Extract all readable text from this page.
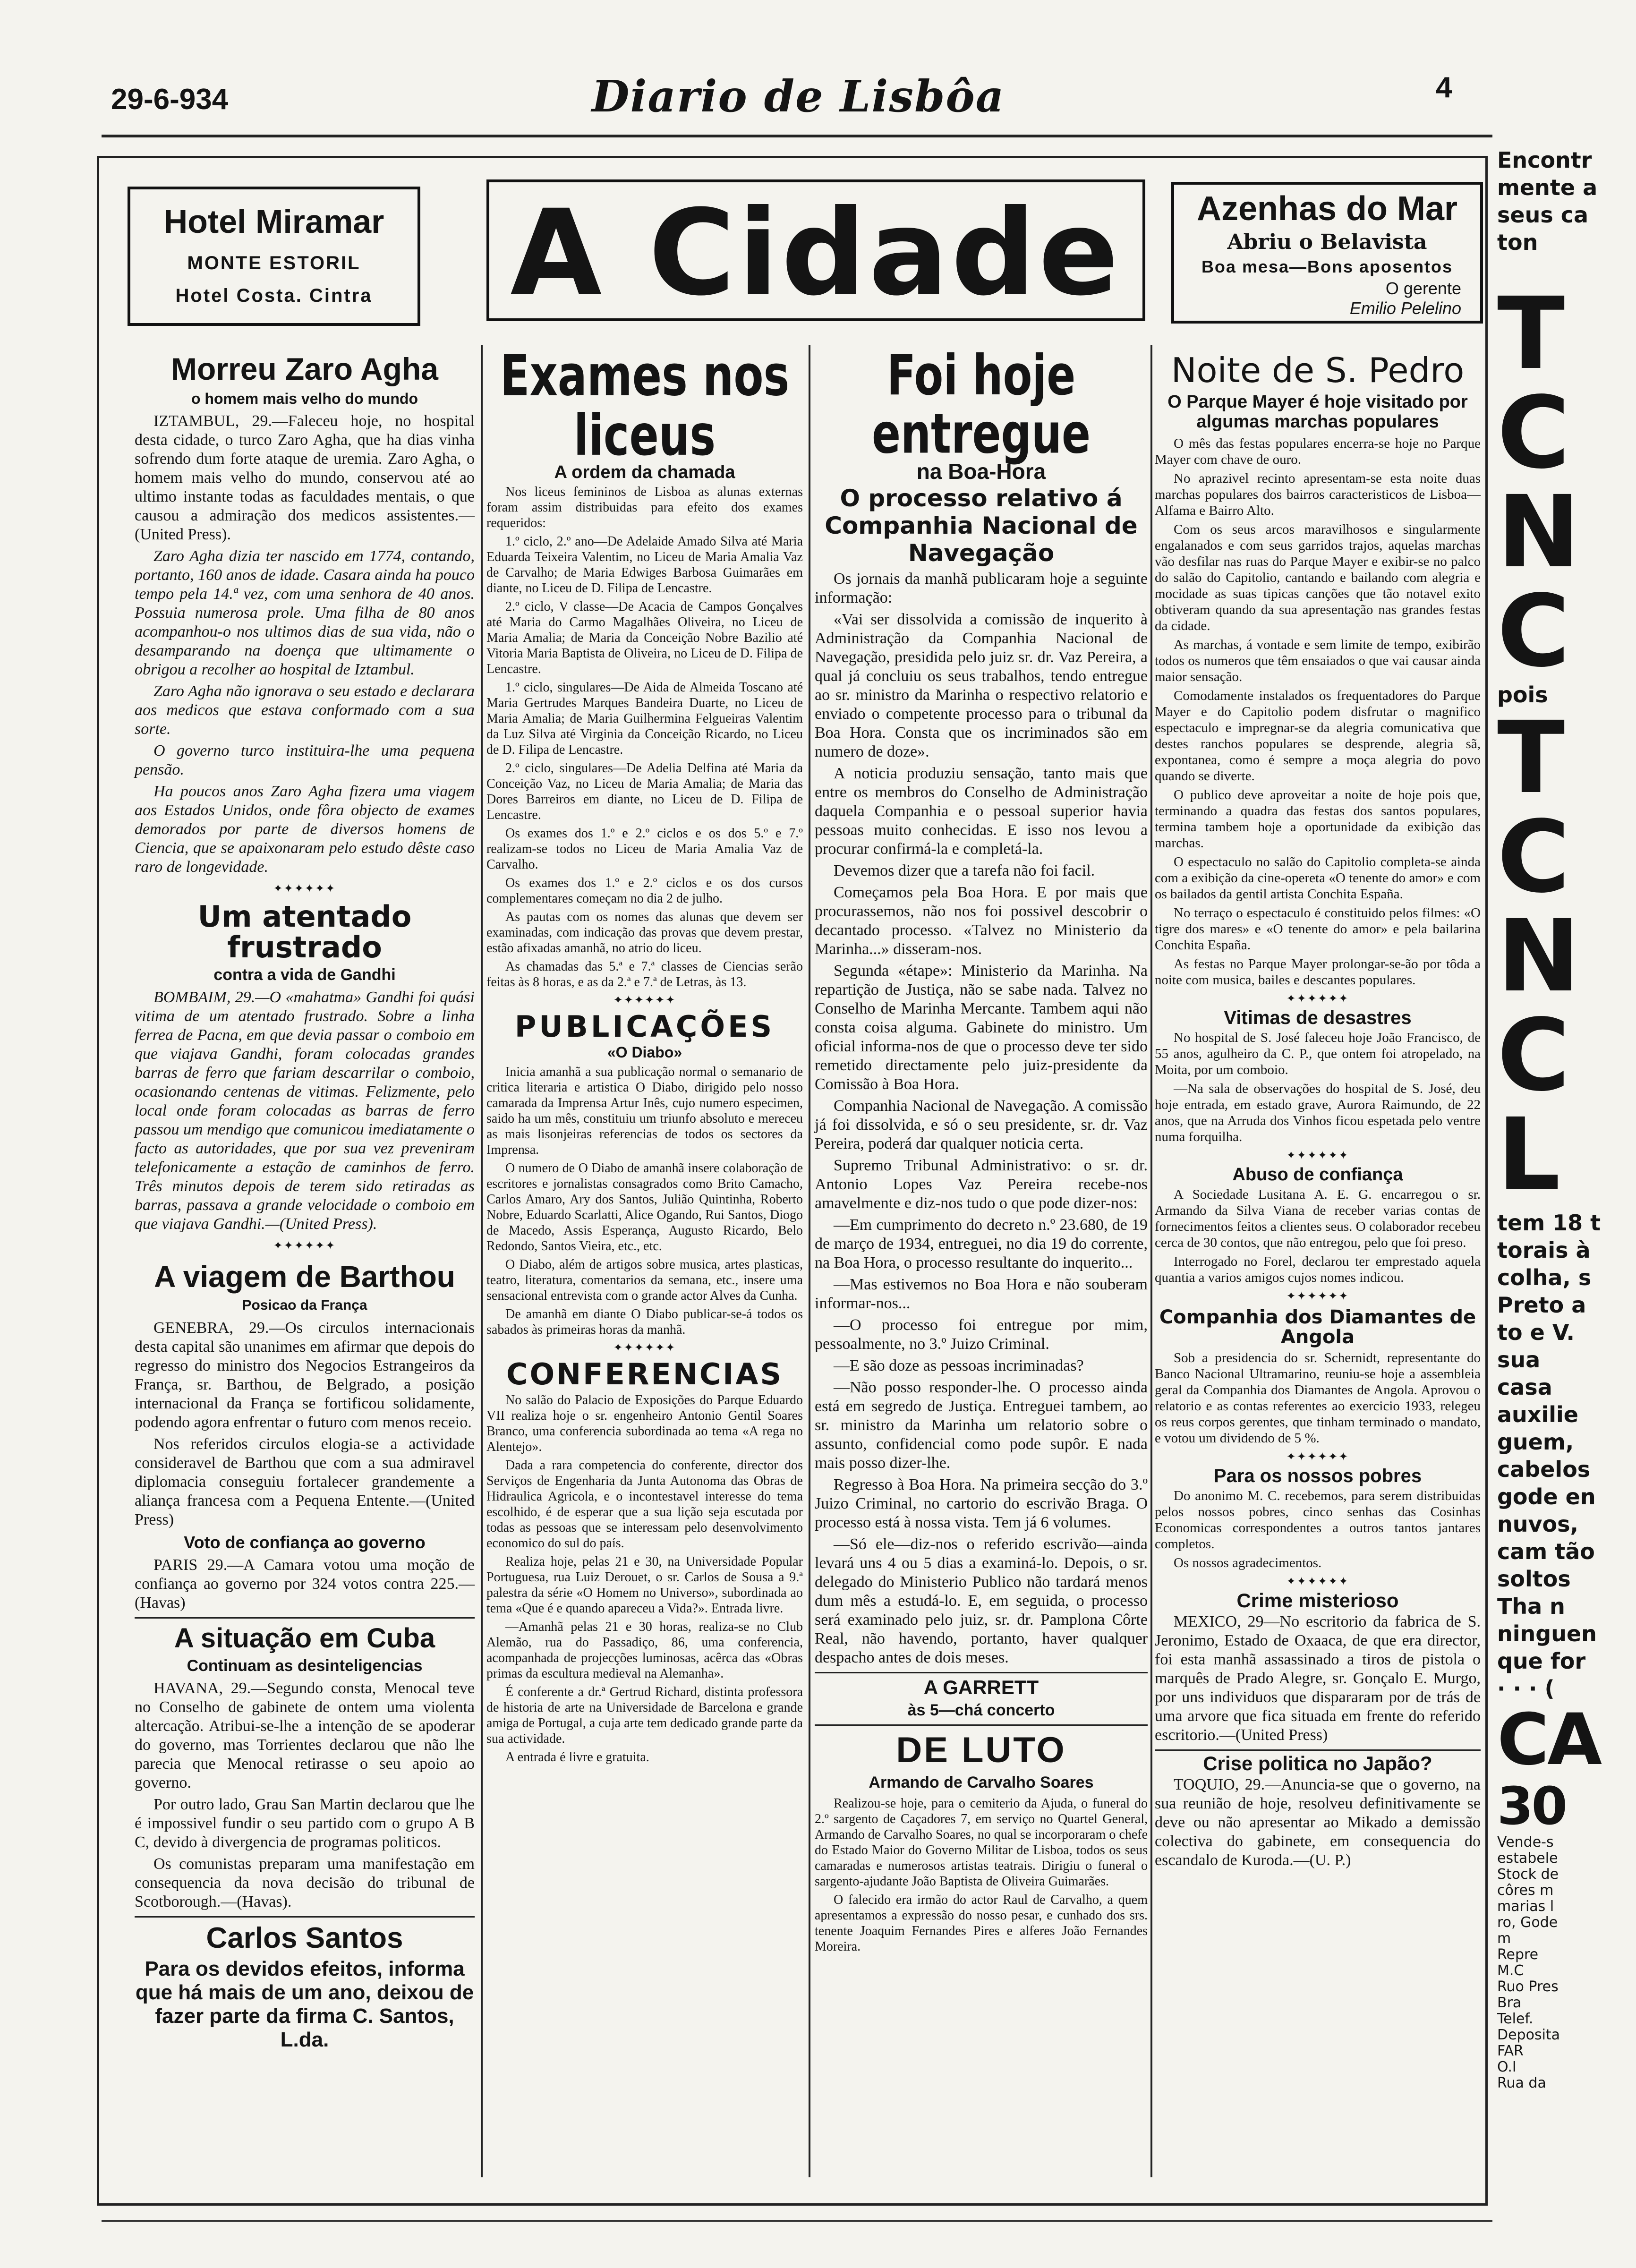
29-6-934	Diario de Lisbôa	4
Hotel Miramar
MONTE ESTORIL
Hotel Costa. Cintra	A Cidade	Azenhas do Mar
Abriu o Belavista
Boa mesa—Bons aposentos
O gerente
Emilio Pelelino
Morreu Zaro Agha
o homem mais velho do mundo

IZTAMBUL, 29.—Faleceu hoje, no hospital desta cidade, o turco Zaro Agha, que ha dias vinha sofrendo dum forte ataque de uremia. Zaro Agha, o homem mais velho do mundo, conservou até ao ultimo instante todas as faculdades mentais, o que causou a admiração dos medicos assistentes.—(United Press).

Zaro Agha dizia ter nascido em 1774, contando, portanto, 160 anos de idade. Casara ainda ha pouco tempo pela 14.ª vez, com uma senhora de 40 anos. Possuia numerosa prole. Uma filha de 80 anos acompanhou-o nos ultimos dias de sua vida, não o desamparando na doença que ultimamente o obrigou a recolher ao hospital de Iztambul.

Zaro Agha não ignorava o seu estado e declarara aos medicos que estava conformado com a sua sorte.

O governo turco instituira-lhe uma pequena pensão.

Ha poucos anos Zaro Agha fizera uma viagem aos Estados Unidos, onde fôra objecto de exames demorados por parte de diversos homens de Ciencia, que se apaixonaram pelo estudo dêste caso raro de longevidade.

✦✦✦✦✦✦
Um atentado frustrado
contra a vida de Gandhi

BOMBAIM, 29.—O «mahatma» Gandhi foi quási vitima de um atentado frustrado. Sobre a linha ferrea de Pacna, em que devia passar o comboio em que viajava Gandhi, foram colocadas grandes barras de ferro que fariam descarrilar o comboio, ocasionando centenas de vitimas. Felizmente, pelo local onde foram colocadas as barras de ferro passou um mendigo que comunicou imediatamente o facto as autoridades, que por sua vez preveniram telefonicamente a estação de caminhos de ferro. Três minutos depois de terem sido retiradas as barras, passava a grande velocidade o comboio em que viajava Gandhi.—(United Press).

✦✦✦✦✦✦
A viagem de Barthou
Posicao da França

GENEBRA, 29.—Os circulos internacionais desta capital são unanimes em afirmar que depois do regresso do ministro dos Negocios Estrangeiros da França, sr. Barthou, de Belgrado, a posição internacional da França se fortificou solidamente, podendo agora enfrentar o futuro com menos receio.

Nos referidos circulos elogia-se a actividade consideravel de Barthou que com a sua admiravel diplomacia conseguiu fortalecer grandemente a aliança francesa com a Pequena Entente.—(United Press)

Voto de confiança ao governo

PARIS 29.—A Camara votou uma moção de confiança ao governo por 324 votos contra 225.—(Havas)

A situação em Cuba
Continuam as desinteligencias

HAVANA, 29.—Segundo consta, Menocal teve no Conselho de gabinete de ontem uma violenta altercação. Atribui-se-lhe a intenção de se apoderar do governo, mas Torrientes declarou que não lhe parecia que Menocal retirasse o seu apoio ao governo.

Por outro lado, Grau San Martin declarou que lhe é impossivel fundir o seu partido com o grupo A B C, devido à divergencia de programas politicos.

Os comunistas preparam uma manifestação em consequencia da nova decisão do tribunal de Scotborough.—(Havas).

Carlos Santos
Para os devidos efeitos, informa que há mais de um ano, deixou de fazer parte da firma C. Santos, L.da.
Exames nos liceus
A ordem da chamada

Nos liceus femininos de Lisboa as alunas externas foram assim distribuidas para efeito dos exames requeridos:

1.º ciclo, 2.º ano—De Adelaide Amado Silva até Maria Eduarda Teixeira Valentim, no Liceu de Maria Amalia Vaz de Carvalho; de Maria Edwiges Barbosa Guimarães em diante, no Liceu de D. Filipa de Lencastre.

2.º ciclo, V classe—De Acacia de Campos Gonçalves até Maria do Carmo Magalhães Oliveira, no Liceu de Maria Amalia; de Maria da Conceição Nobre Bazilio até Vitoria Maria Baptista de Oliveira, no Liceu de D. Filipa de Lencastre.

1.º ciclo, singulares—De Aida de Almeida Toscano até Maria Gertrudes Marques Bandeira Duarte, no Liceu de Maria Amalia; de Maria Guilhermina Felgueiras Valentim da Luz Silva até Virginia da Conceição Ricardo, no Liceu de D. Filipa de Lencastre.

2.º ciclo, singulares—De Adelia Delfina até Maria da Conceição Vaz, no Liceu de Maria Amalia; de Maria das Dores Barreiros em diante, no Liceu de D. Filipa de Lencastre.

Os exames dos 1.º e 2.º ciclos e os dos 5.º e 7.º realizam-se todos no Liceu de Maria Amalia Vaz de Carvalho.

Os exames dos 1.º e 2.º ciclos e os dos cursos complementares começam no dia 2 de julho.

As pautas com os nomes das alunas que devem ser examinadas, com indicação das provas que devem prestar, estão afixadas amanhã, no atrio do liceu.

As chamadas das 5.ª e 7.ª classes de Ciencias serão feitas às 8 horas, e as da 2.ª e 7.ª de Letras, às 13.

✦✦✦✦✦✦
PUBLICAÇÕES
«O Diabo»

Inicia amanhã a sua publicação normal o semanario de critica literaria e artistica O Diabo, dirigido pelo nosso camarada da Imprensa Artur Inês, cujo numero especimen, saido ha um mês, constituiu um triunfo absoluto e mereceu as mais lisonjeiras referencias de todos os sectores da Imprensa.

O numero de O Diabo de amanhã insere colaboração de escritores e jornalistas consagrados como Brito Camacho, Carlos Amaro, Ary dos Santos, Julião Quintinha, Roberto Nobre, Eduardo Scarlatti, Alice Ogando, Rui Santos, Diogo de Macedo, Assis Esperança, Augusto Ricardo, Belo Redondo, Santos Vieira, etc., etc.

O Diabo, além de artigos sobre musica, artes plasticas, teatro, literatura, comentarios da semana, etc., insere uma sensacional entrevista com o grande actor Alves da Cunha.

De amanhã em diante O Diabo publicar-se-á todos os sabados às primeiras horas da manhã.

✦✦✦✦✦✦
CONFERENCIAS

No salão do Palacio de Exposições do Parque Eduardo VII realiza hoje o sr. engenheiro Antonio Gentil Soares Branco, uma conferencia subordinada ao tema «A rega no Alentejo».

Dada a rara competencia do conferente, director dos Serviços de Engenharia da Junta Autonoma das Obras de Hidraulica Agricola, e o incontestavel interesse do tema escolhido, é de esperar que a sua lição seja escutada por todas as pessoas que se interessam pelo desenvolvimento economico do sul do país.

Realiza hoje, pelas 21 e 30, na Universidade Popular Portuguesa, rua Luiz Derouet, o sr. Carlos de Sousa a 9.ª palestra da série «O Homem no Universo», subordinada ao tema «Que é e quando apareceu a Vida?». Entrada livre.

—Amanhã pelas 21 e 30 horas, realiza-se no Club Alemão, rua do Passadiço, 86, uma conferencia, acompanhada de projecções luminosas, acêrca das «Obras primas da escultura medieval na Alemanha».

É conferente a dr.ª Gertrud Richard, distinta professora de historia de arte na Universidade de Barcelona e grande amiga de Portugal, a cuja arte tem dedicado grande parte da sua actividade.

A entrada é livre e gratuita.

Foi hoje entregue
na Boa-Hora
O processo relativo á Companhia Nacional de Navegação

Os jornais da manhã publicaram hoje a seguinte informação:

«Vai ser dissolvida a comissão de inquerito à Administração da Companhia Nacional de Navegação, presidida pelo juiz sr. dr. Vaz Pereira, a qual já concluiu os seus trabalhos, tendo entregue ao sr. ministro da Marinha o respectivo relatorio e enviado o competente processo para o tribunal da Boa Hora. Consta que os incriminados são em numero de doze».

A noticia produziu sensação, tanto mais que entre os membros do Conselho de Administração daquela Companhia e o pessoal superior havia pessoas muito conhecidas. E isso nos levou a procurar confirmá-la e completá-la.

Devemos dizer que a tarefa não foi facil.

Começamos pela Boa Hora. E por mais que procurassemos, não nos foi possivel descobrir o decantado processo. «Talvez no Ministerio da Marinha...» disseram-nos.

Segunda «étape»: Ministerio da Marinha. Na repartição de Justiça, não se sabe nada. Talvez no Conselho de Marinha Mercante. Tambem aqui não consta coisa alguma. Gabinete do ministro. Um oficial informa-nos de que o processo deve ter sido remetido directamente pelo juiz-presidente da Comissão à Boa Hora.

Companhia Nacional de Navegação. A comissão já foi dissolvida, e só o seu presidente, sr. dr. Vaz Pereira, poderá dar qualquer noticia certa.

Supremo Tribunal Administrativo: o sr. dr. Antonio Lopes Vaz Pereira recebe-nos amavelmente e diz-nos tudo o que pode dizer-nos:

—Em cumprimento do decreto n.º 23.680, de 19 de março de 1934, entreguei, no dia 19 do corrente, na Boa Hora, o processo resultante do inquerito...

—Mas estivemos no Boa Hora e não souberam informar-nos...

—O processo foi entregue por mim, pessoalmente, no 3.º Juizo Criminal.

—E são doze as pessoas incriminadas?

—Não posso responder-lhe. O processo ainda está em segredo de Justiça. Entreguei tambem, ao sr. ministro da Marinha um relatorio sobre o assunto, confidencial como pode supôr. E nada mais posso dizer-lhe.

Regresso à Boa Hora. Na primeira secção do 3.º Juizo Criminal, no cartorio do escrivão Braga. O processo está à nossa vista. Tem já 6 volumes.

—Só ele—diz-nos o referido escrivão—ainda levará uns 4 ou 5 dias a examiná-lo. Depois, o sr. delegado do Ministerio Publico não tardará menos dum mês a estudá-lo. E, em seguida, o processo será examinado pelo juiz, sr. dr. Pamplona Côrte Real, não havendo, portanto, haver qualquer despacho antes de dois meses.

A GARRETT
às 5—chá concerto
DE LUTO
Armando de Carvalho Soares

Realizou-se hoje, para o cemiterio da Ajuda, o funeral do 2.º sargento de Caçadores 7, em serviço no Quartel General, Armando de Carvalho Soares, no qual se incorporaram o chefe do Estado Maior do Governo Militar de Lisboa, todos os seus camaradas e numerosos artistas teatrais. Dirigiu o funeral o sargento-ajudante João Baptista de Oliveira Guimarães.

O falecido era irmão do actor Raul de Carvalho, a quem apresentamos a expressão do nosso pesar, e cunhado dos srs. tenente Joaquim Fernandes Pires e alferes João Fernandes Moreira.

Noite de S. Pedro
O Parque Mayer é hoje visitado por algumas marchas populares

O mês das festas populares encerra-se hoje no Parque Mayer com chave de ouro.

No aprazivel recinto apresentam-se esta noite duas marchas populares dos bairros caracteristicos de Lisboa—Alfama e Bairro Alto.

Com os seus arcos maravilhosos e singularmente engalanados e com seus garridos trajos, aquelas marchas vão desfilar nas ruas do Parque Mayer e exibir-se no palco do salão do Capitolio, cantando e bailando com alegria e mocidade as suas tipicas canções que tão notavel exito obtiveram quando da sua apresentação nas grandes festas da cidade.

As marchas, á vontade e sem limite de tempo, exibirão todos os numeros que têm ensaiados o que vai causar ainda maior sensação.

Comodamente instalados os frequentadores do Parque Mayer e do Capitolio podem disfrutar o magnifico espectaculo e impregnar-se da alegria comunicativa que destes ranchos populares se desprende, alegria sã, expontanea, como é sempre a moça alegria do povo quando se diverte.

O publico deve aproveitar a noite de hoje pois que, terminando a quadra das festas dos santos populares, termina tambem hoje a oportunidade da exibição das marchas.

O espectaculo no salão do Capitolio completa-se ainda com a exibição da cine-opereta «O tenente do amor» e com os bailados da gentil artista Conchita España.

No terraço o espectaculo é constituido pelos filmes: «O tigre dos mares» e «O tenente do amor» e pela bailarina Conchita España.

As festas no Parque Mayer prolongar-se-ão por tôda a noite com musica, bailes e descantes populares.

✦✦✦✦✦✦
Vitimas de desastres

No hospital de S. José faleceu hoje João Francisco, de 55 anos, agulheiro da C. P., que ontem foi atropelado, na Moita, por um comboio.

—Na sala de observações do hospital de S. José, deu hoje entrada, em estado grave, Aurora Raimundo, de 22 anos, que na Arruda dos Vinhos ficou espetada pelo ventre numa forquilha.

✦✦✦✦✦✦
Abuso de confiança

A Sociedade Lusitana A. E. G. encarregou o sr. Armando da Silva Viana de receber varias contas de fornecimentos feitos a clientes seus. O colaborador recebeu cerca de 30 contos, que não entregou, pelo que foi preso.

Interrogado no Forel, declarou ter emprestado aquela quantia a varios amigos cujos nomes indicou.

✦✦✦✦✦✦
Companhia dos Diamantes de Angola

Sob a presidencia do sr. Schernidt, representante do Banco Nacional Ultramarino, reuniu-se hoje a assembleia geral da Companhia dos Diamantes de Angola. Aprovou o relatorio e as contas referentes ao exercicio 1933, relegeu os reus corpos gerentes, que tinham terminado o mandato, e votou um dividendo de 5 %.

✦✦✦✦✦✦
Para os nossos pobres

Do anonimo M. C. recebemos, para serem distribuidas pelos nossos pobres, cinco senhas das Cosinhas Economicas correspondentes a outros tantos jantares completos.

Os nossos agradecimentos.

✦✦✦✦✦✦
Crime misterioso

MEXICO, 29—No escritorio da fabrica de S. Jeronimo, Estado de Oxaaca, de que era director, foi esta manhã assassinado a tiros de pistola o marquês de Prado Alegre, sr. Gonçalo E. Murgo, por uns individuos que dispararam por de trás de uma arvore que fica situada em frente do referido escritorio.—(United Press)

Crise politica no Japão?

TOQUIO, 29.—Anuncia-se que o governo, na sua reunião de hoje, resolveu definitivamente se deve ou não apresentar ao Mikado a demissão colectiva do gabinete, em consequencia do escandalo de Kuroda.—(U. P.)

Encontr
mente a
seus ca
ton
T
C
N
C
pois
T
C
N
C
L
tem 18 t
torais à
colha, s
Preto a
to e V.
sua
casa
auxilie
guem,
cabelos
gode en
nuvos,
cam tão
soltos
Tha n
ninguen
que for
· · · (
CA
30
Vende-s
estabele
Stock de
côres m
marias l
ro, Gode
m
Repre
M.C
Ruo Pres
Bra
Telef.
Deposita
FAR
O.I
Rua da
